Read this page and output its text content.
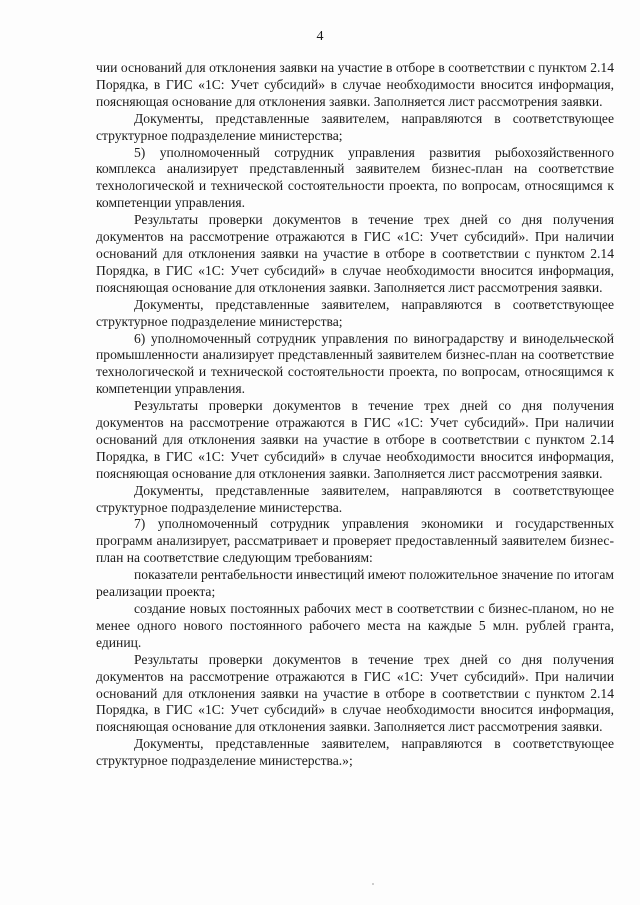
4

чии оснований для отклонения заявки на участие в отборе в соответствии с пунктом 2.14 Порядка, в ГИС «1С: Учет субсидий» в случае необходимости вносится информация, поясняющая основание для отклонения заявки. Заполняется лист рассмотрения заявки.

Документы, представленные заявителем, направляются в соответствующее структурное подразделение министерства;

5) уполномоченный сотрудник управления развития рыбохозяйственного комплекса анализирует представленный заявителем бизнес-план на соответствие технологической и технической состоятельности проекта, по вопросам, относящимся к компетенции управления.

Результаты проверки документов в течение трех дней со дня получения документов на рассмотрение отражаются в ГИС «1С: Учет субсидий». При наличии оснований для отклонения заявки на участие в отборе в соответствии с пунктом 2.14 Порядка, в ГИС «1С: Учет субсидий» в случае необходимости вносится информация, поясняющая основание для отклонения заявки. Заполняется лист рассмотрения заявки.

Документы, представленные заявителем, направляются в соответствующее структурное подразделение министерства;

6) уполномоченный сотрудник управления по виноградарству и винодельческой промышленности анализирует представленный заявителем бизнес-план на соответствие технологической и технической состоятельности проекта, по вопросам, относящимся к компетенции управления.

Результаты проверки документов в течение трех дней со дня получения документов на рассмотрение отражаются в ГИС «1С: Учет субсидий». При наличии оснований для отклонения заявки на участие в отборе в соответствии с пунктом 2.14 Порядка, в ГИС «1С: Учет субсидий» в случае необходимости вносится информация, поясняющая основание для отклонения заявки. Заполняется лист рассмотрения заявки.

Документы, представленные заявителем, направляются в соответствующее структурное подразделение министерства.

7) уполномоченный сотрудник управления экономики и государственных программ анализирует, рассматривает и проверяет предоставленный заявителем бизнес-план на соответствие следующим требованиям:

показатели рентабельности инвестиций имеют положительное значение по итогам реализации проекта;

создание новых постоянных рабочих мест в соответствии с бизнес-планом, но не менее одного нового постоянного рабочего места на каждые 5 млн. рублей гранта, единиц.

Результаты проверки документов в течение трех дней со дня получения документов на рассмотрение отражаются в ГИС «1С: Учет субсидий». При наличии оснований для отклонения заявки на участие в отборе в соответствии с пунктом 2.14 Порядка, в ГИС «1С: Учет субсидий» в случае необходимости вносится информация, поясняющая основание для отклонения заявки. Заполняется лист рассмотрения заявки.

Документы, представленные заявителем, направляются в соответствующее структурное подразделение министерства.»;
